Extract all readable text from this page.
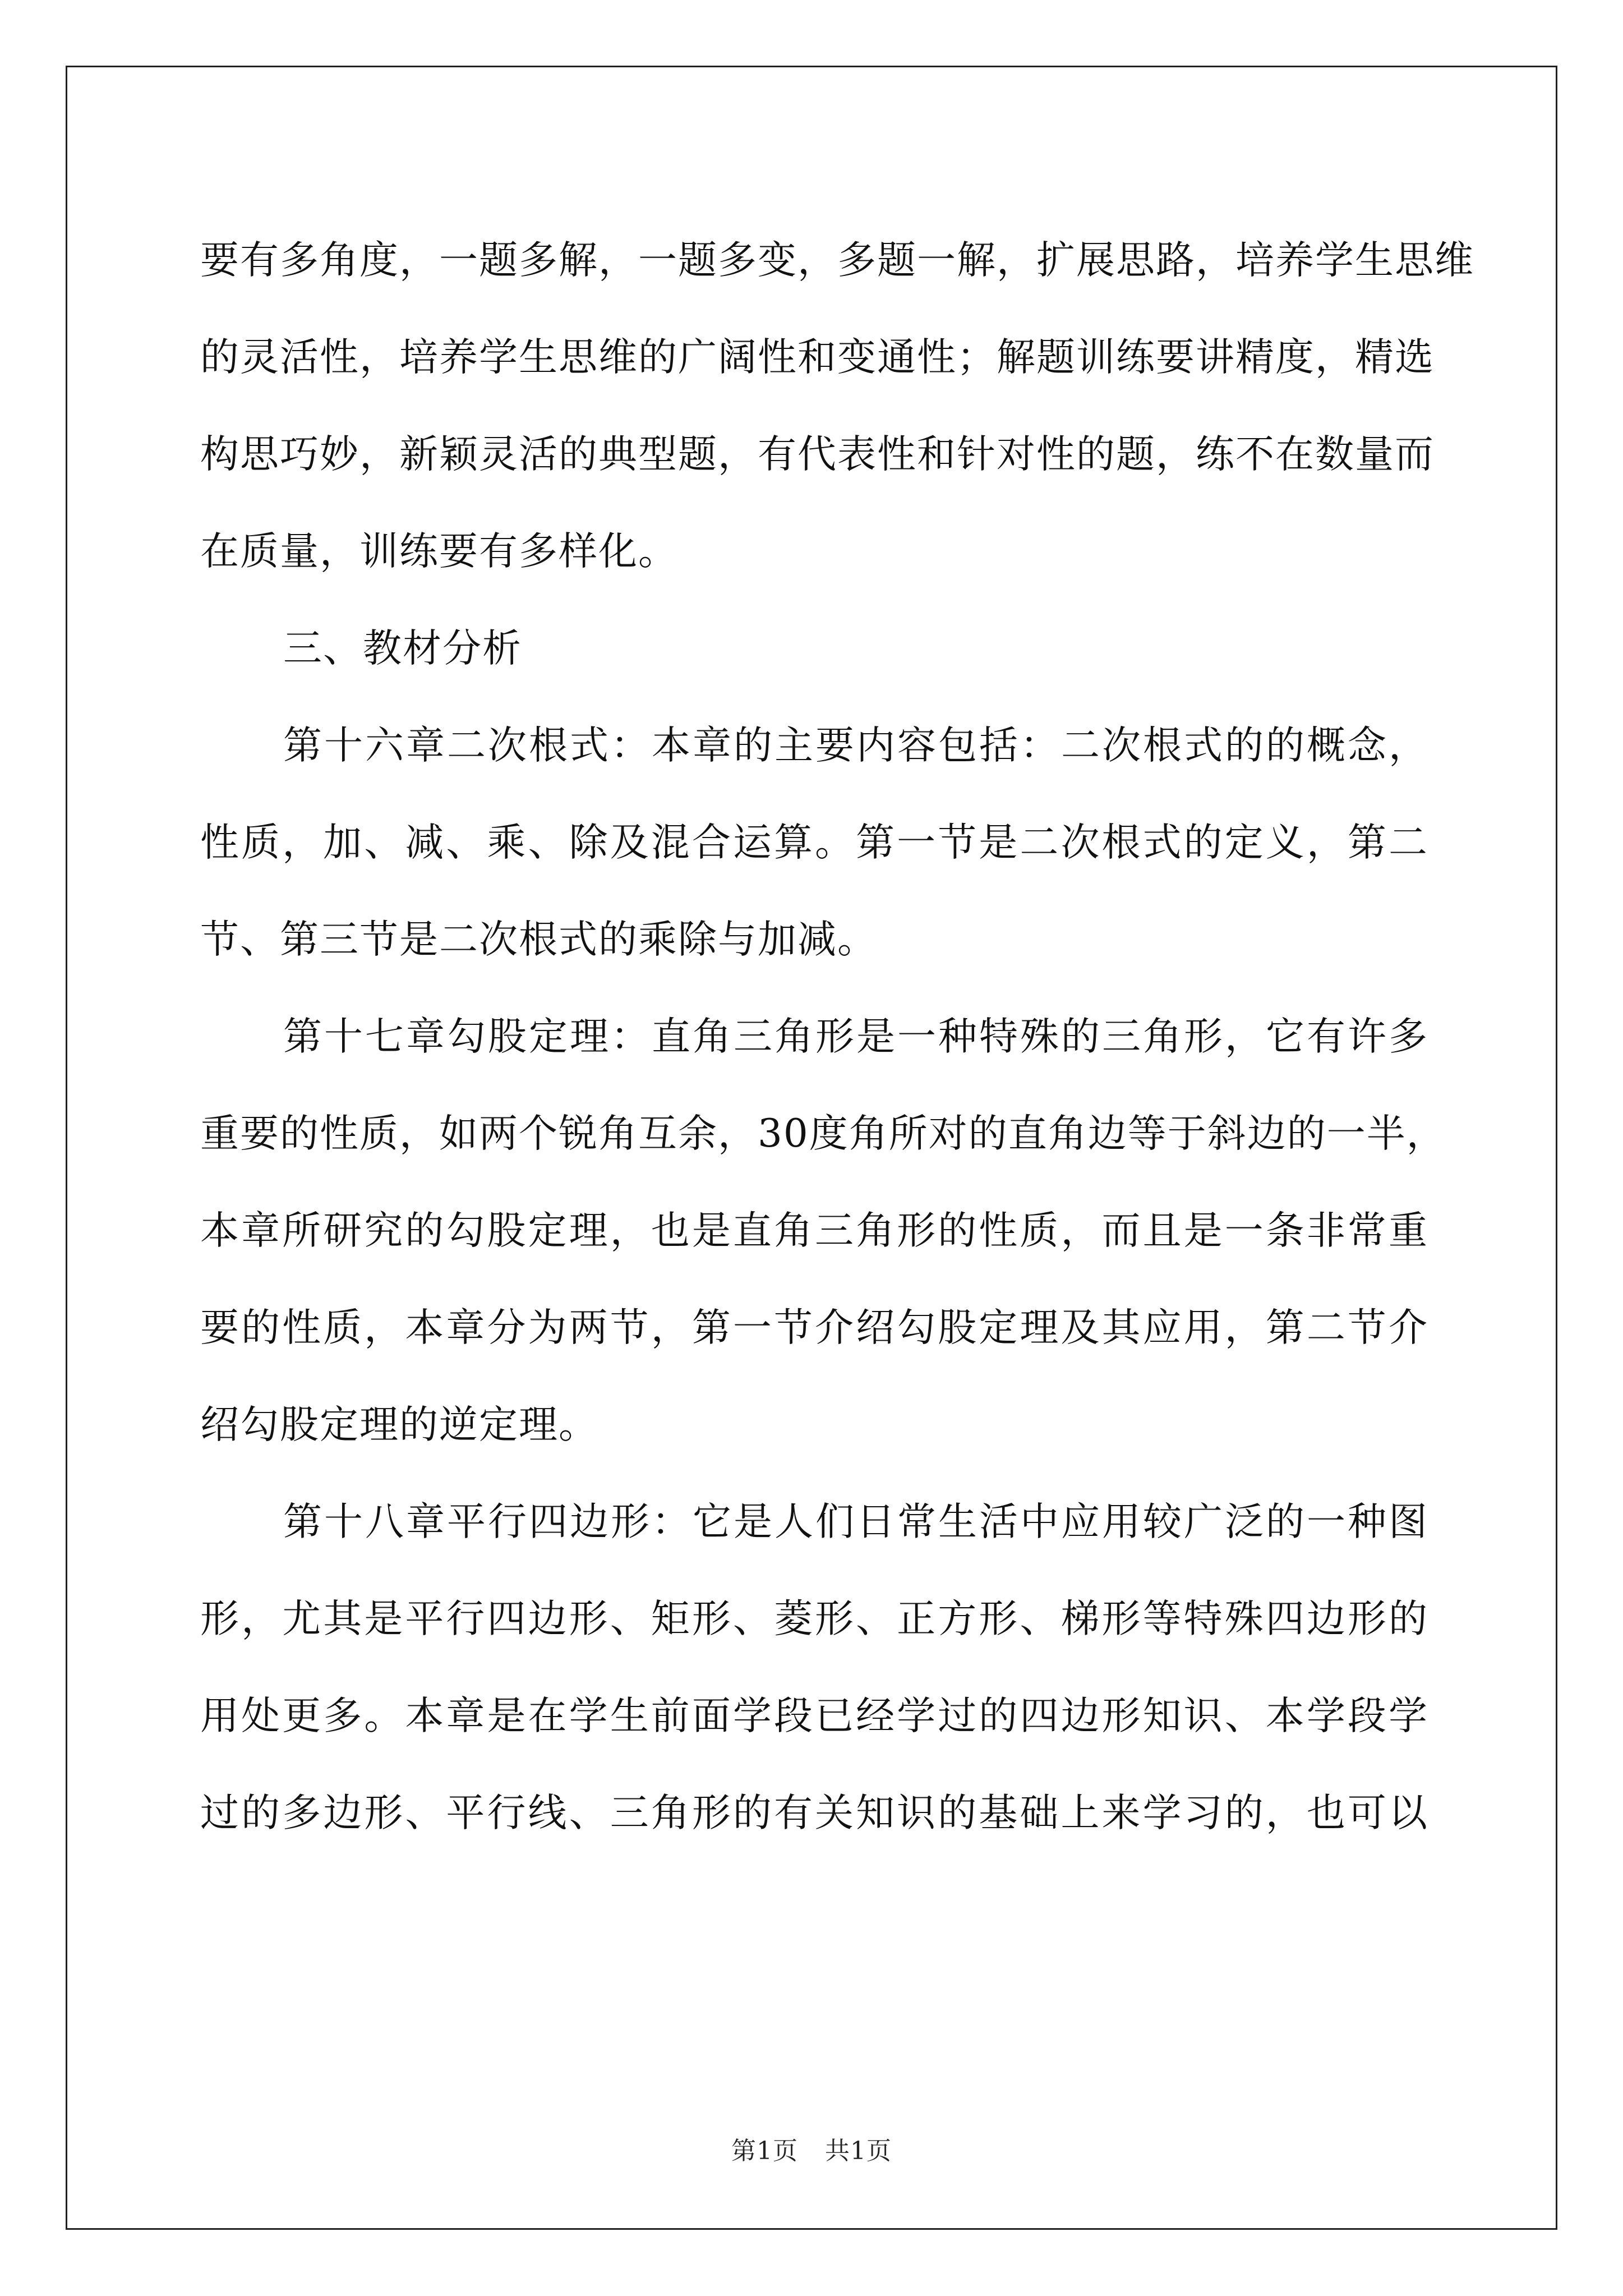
要有多角度，一题多解，一题多变，多题一解，扩展思路，培养学生思维
的灵活性，培养学生思维的广阔性和变通性；解题训练要讲精度，精选
构思巧妙，新颖灵活的典型题，有代表性和针对性的题，练不在数量而
在质量，训练要有多样化。
三、教材分析
第十六章二次根式：本章的主要内容包括：二次根式的的概念，
性质，加、减、乘、除及混合运算。第一节是二次根式的定义，第二
节、第三节是二次根式的乘除与加减。
第十七章勾股定理：直角三角形是一种特殊的三角形，它有许多
重要的性质，如两个锐角互余，30度角所对的直角边等于斜边的一半，
本章所研究的勾股定理，也是直角三角形的性质，而且是一条非常重
要的性质，本章分为两节，第一节介绍勾股定理及其应用，第二节介
绍勾股定理的逆定理。
第十八章平行四边形：它是人们日常生活中应用较广泛的一种图
形，尤其是平行四边形、矩形、菱形、正方形、梯形等特殊四边形的
用处更多。本章是在学生前面学段已经学过的四边形知识、本学段学
过的多边形、平行线、三角形的有关知识的基础上来学习的，也可以
第1页 共1页
